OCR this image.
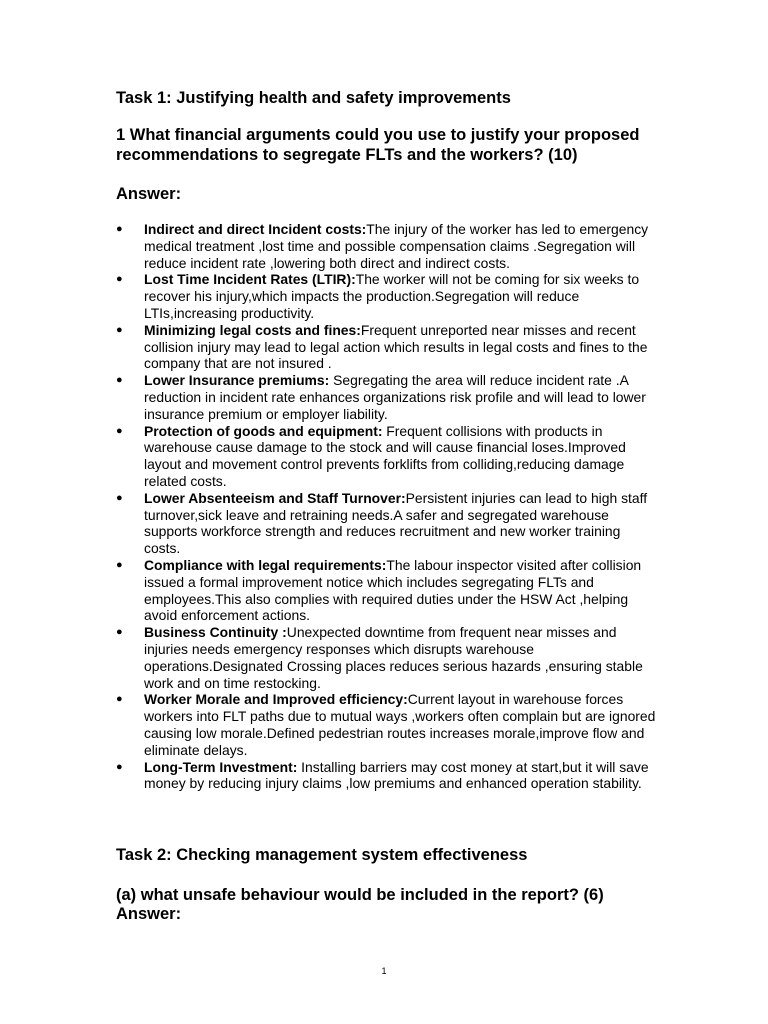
Task 1: Justifying health and safety improvements

1 What financial arguments could you use to justify your proposed recommendations to segregate FLTs and the workers? (10)

Answer:

● Indirect and direct Incident costs:The injury of the worker has led to emergency medical treatment ,lost time and possible compensation claims .Segregation will reduce incident rate ,lowering both direct and indirect costs.
● Lost Time Incident Rates (LTIR):The worker will not be coming for six weeks to recover his injury,which impacts the production.Segregation will reduce LTIs,increasing productivity.
● Minimizing legal costs and fines:Frequent unreported near misses and recent collision injury may lead to legal action which results in legal costs and fines to the company that are not insured .
● Lower Insurance premiums: Segregating the area will reduce incident rate .A reduction in incident rate enhances organizations risk profile and will lead to lower insurance premium or employer liability.
● Protection of goods and equipment: Frequent collisions with products in warehouse cause damage to the stock and will cause financial loses.Improved layout and movement control prevents forklifts from colliding,reducing damage related costs.
● Lower Absenteeism and Staff Turnover:Persistent injuries can lead to high staff turnover,sick leave and retraining needs.A safer and segregated warehouse supports workforce strength and reduces recruitment and new worker training costs.
● Compliance with legal requirements:The labour inspector visited after collision issued a formal improvement notice which includes segregating FLTs and employees.This also complies with required duties under the HSW Act ,helping avoid enforcement actions.
● Business Continuity :Unexpected downtime from frequent near misses and injuries needs emergency responses which disrupts warehouse operations.Designated Crossing places reduces serious hazards ,ensuring stable work and on time restocking.
● Worker Morale and Improved efficiency:Current layout in warehouse forces workers into FLT paths due to mutual ways ,workers often complain but are ignored causing low morale.Defined pedestrian routes increases morale,improve flow and eliminate delays.
● Long-Term Investment: Installing barriers may cost money at start,but it will save money by reducing injury claims ,low premiums and enhanced operation stability.
Task 2: Checking management system effectiveness

(a) what unsafe behaviour would be included in the report? (6)

Answer:

1
